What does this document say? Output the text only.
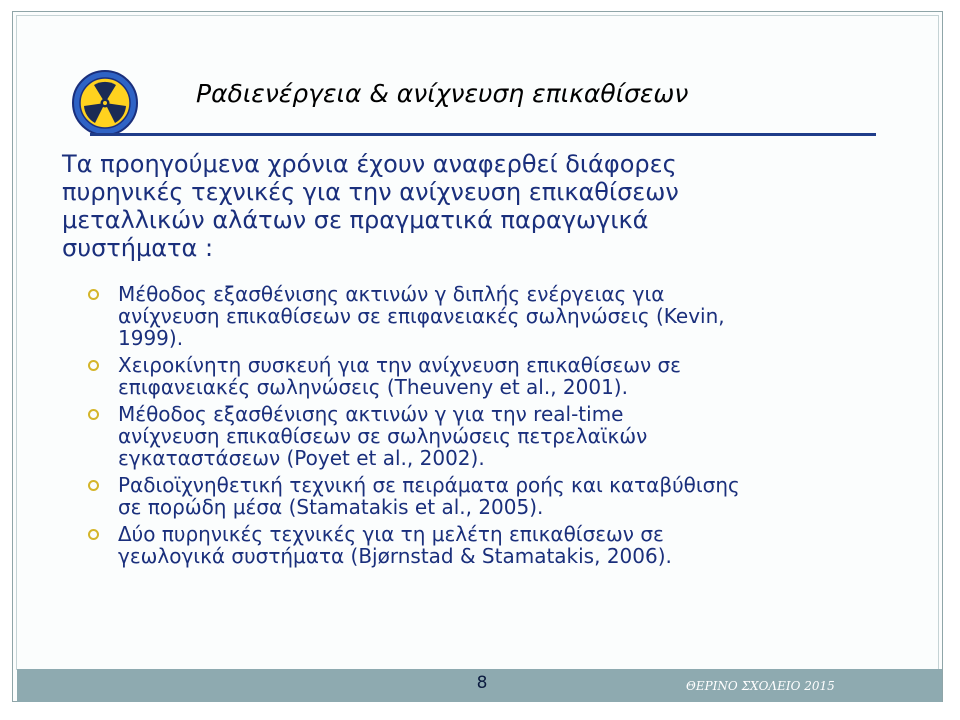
Ραδιενέργεια & ανίχνευση επικαθίσεων
Τα προηγούμενα χρόνια έχουν αναφερθεί διάφορες
πυρηνικές τεχνικές για την ανίχνευση επικαθίσεων
μεταλλικών αλάτων σε πραγματικά παραγωγικά
συστήματα :
Μέθοδος εξασθένισης ακτινών γ διπλής ενέργειας για
ανίχνευση επικαθίσεων σε επιφανειακές σωληνώσεις (Kevin,
1999).
Χειροκίνητη συσκευή για την ανίχνευση επικαθίσεων σε
επιφανειακές σωληνώσεις (Theuveny et al., 2001).
Μέθοδος εξασθένισης ακτινών γ για την real-time
ανίχνευση επικαθίσεων σε σωληνώσεις πετρελαϊκών
εγκαταστάσεων (Poyet et al., 2002).
Ραδιοϊχνηθετική τεχνική σε πειράματα ροής και καταβύθισης
σε πορώδη μέσα (Stamatakis et al., 2005).
Δύο πυρηνικές τεχνικές για τη μελέτη επικαθίσεων σε
γεωλογικά συστήματα (Bjørnstad & Stamatakis, 2006).
8	ΘΕΡΙΝΟ ΣΧΟΛΕΙΟ 2015
